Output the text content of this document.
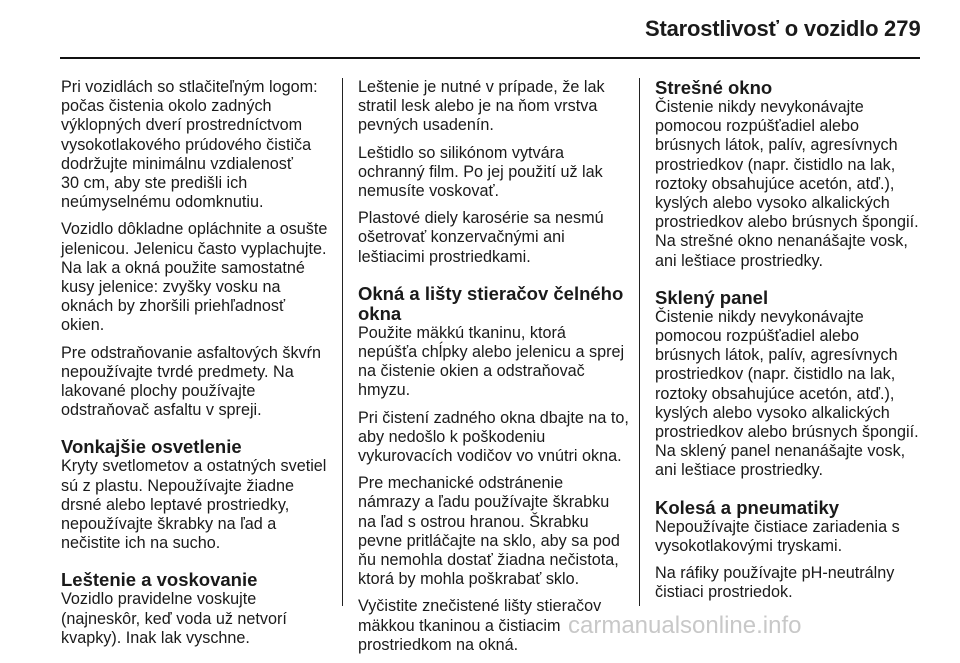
Starostlivosť o vozidlo 279
Pri vozidlách so stlačiteľným logom:
počas čistenia okolo zadných
výklopných dverí prostredníctvom
vysokotlakového prúdového čističa
dodržujte minimálnu vzdialenosť
30 cm, aby ste predišli ich
neúmyselnému odomknutiu.
Vozidlo dôkladne opláchnite a osušte
jelenicou. Jelenicu často vyplachujte.
Na lak a okná použite samostatné
kusy jelenice: zvyšky vosku na
oknách by zhoršili priehľadnosť
okien.
Pre odstraňovanie asfaltových škvŕn
nepoužívajte tvrdé predmety. Na
lakované plochy používajte
odstraňovač asfaltu v spreji.
Vonkajšie osvetlenie
Kryty svetlometov a ostatných svetiel
sú z plastu. Nepoužívajte žiadne
drsné alebo leptavé prostriedky,
nepoužívajte škrabky na ľad a
nečistite ich na sucho.
Leštenie a voskovanie
Vozidlo pravidelne voskujte
(najneskôr, keď voda už netvorí
kvapky). Inak lak vyschne.
Leštenie je nutné v prípade, že lak
stratil lesk alebo je na ňom vrstva
pevných usadenín.
Leštidlo so silikónom vytvára
ochranný film. Po jej použití už lak
nemusíte voskovať.
Plastové diely karosérie sa nesmú
ošetrovať konzervačnými ani
leštiacimi prostriedkami.
Okná a lišty stieračov čelného
okna
Použite mäkkú tkaninu, ktorá
nepúšťa chĺpky alebo jelenicu a sprej
na čistenie okien a odstraňovač
hmyzu.
Pri čistení zadného okna dbajte na to,
aby nedošlo k poškodeniu
vykurovacích vodičov vo vnútri okna.
Pre mechanické odstránenie
námrazy a ľadu používajte škrabku
na ľad s ostrou hranou. Škrabku
pevne pritláčajte na sklo, aby sa pod
ňu nemohla dostať žiadna nečistota,
ktorá by mohla poškrabať sklo.
Vyčistite znečistené lišty stieračov
mäkkou tkaninou a čistiacim
prostriedkom na okná.
Strešné okno
Čistenie nikdy nevykonávajte
pomocou rozpúšťadiel alebo
brúsnych látok, palív, agresívnych
prostriedkov (napr. čistidlo na lak,
roztoky obsahujúce acetón, atď.),
kyslých alebo vysoko alkalických
prostriedkov alebo brúsnych špongií.
Na strešné okno nenanášajte vosk,
ani leštiace prostriedky.
Sklený panel
Čistenie nikdy nevykonávajte
pomocou rozpúšťadiel alebo
brúsnych látok, palív, agresívnych
prostriedkov (napr. čistidlo na lak,
roztoky obsahujúce acetón, atď.),
kyslých alebo vysoko alkalických
prostriedkov alebo brúsnych špongií.
Na sklený panel nenanášajte vosk,
ani leštiace prostriedky.
Kolesá a pneumatiky
Nepoužívajte čistiace zariadenia s
vysokotlakovými tryskami.
Na ráfiky používajte pH-neutrálny
čistiaci prostriedok.
carmanualsonline.info
